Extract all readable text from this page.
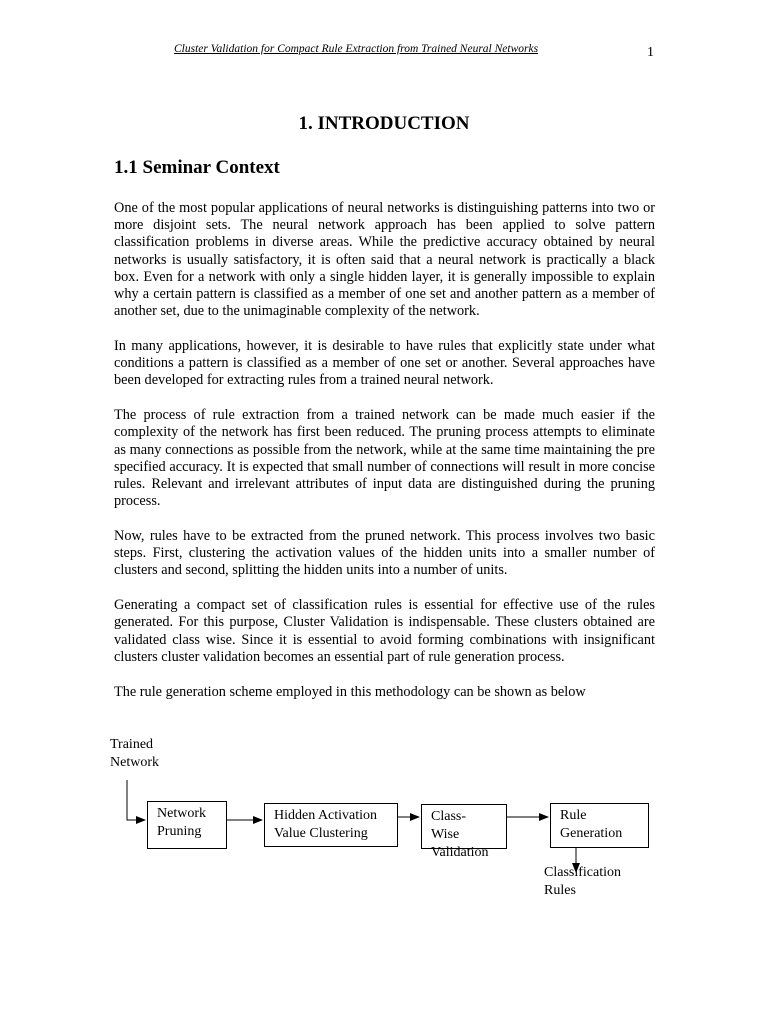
Cluster Validation for Compact Rule Extraction from Trained Neural Networks	1
1. INTRODUCTION
1.1 Seminar Context

One of the most popular applications of neural networks is distinguishing patterns into two or more disjoint sets. The neural network approach has been applied to solve pattern classification problems in diverse areas. While the predictive accuracy obtained by neural networks is usually satisfactory, it is often said that a neural network is practically a black box. Even for a network with only a single hidden layer, it is generally impossible to explain why a certain pattern is classified as a member of one set and another pattern as a member of another set, due to the unimaginable complexity of the network.

In many applications, however, it is desirable to have rules that explicitly state under what conditions a pattern is classified as a member of one set or another. Several approaches have been developed for extracting rules from a trained neural network.

The process of rule extraction from a trained network can be made much easier if the complexity of the network has first been reduced. The pruning process attempts to eliminate as many connections as possible from the network, while at the same time maintaining the pre specified accuracy. It is expected that small number of connections will result in more concise rules. Relevant and irrelevant attributes of input data are distinguished during the pruning process.

Now, rules have to be extracted from the pruned network. This process involves two basic steps. First, clustering the activation values of the hidden units into a smaller number of clusters and second, splitting the hidden units into a number of units.

Generating a compact set of classification rules is essential for effective use of the rules generated. For this purpose, Cluster Validation is indispensable. These clusters obtained are validated class wise. Since it is essential to avoid forming combinations with insignificant clusters cluster validation becomes an essential part of rule generation process.

The rule generation scheme employed in this methodology can be shown as below

Trained
Network
Network
Pruning
Hidden Activation
Value Clustering
Class- Wise
Validation
Rule
Generation
Classification
Rules
